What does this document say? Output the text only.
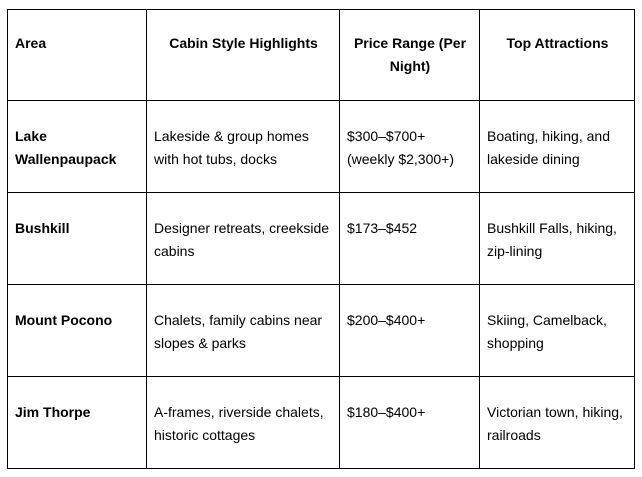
Area	Cabin Style Highlights	Price Range (Per Night)	Top Attractions
Lake Wallenpaupack	Lakeside & group homes with hot tubs, docks	$300–$700+ (weekly $2,300+)	Boating, hiking, and lakeside dining
Bushkill	Designer retreats, creekside cabins	$173–$452	Bushkill Falls, hiking, zip-lining
Mount Pocono	Chalets, family cabins near slopes & parks	$200–$400+	Skiing, Camelback, shopping
Jim Thorpe	A-frames, riverside chalets, historic cottages	$180–$400+	Victorian town, hiking, railroads
